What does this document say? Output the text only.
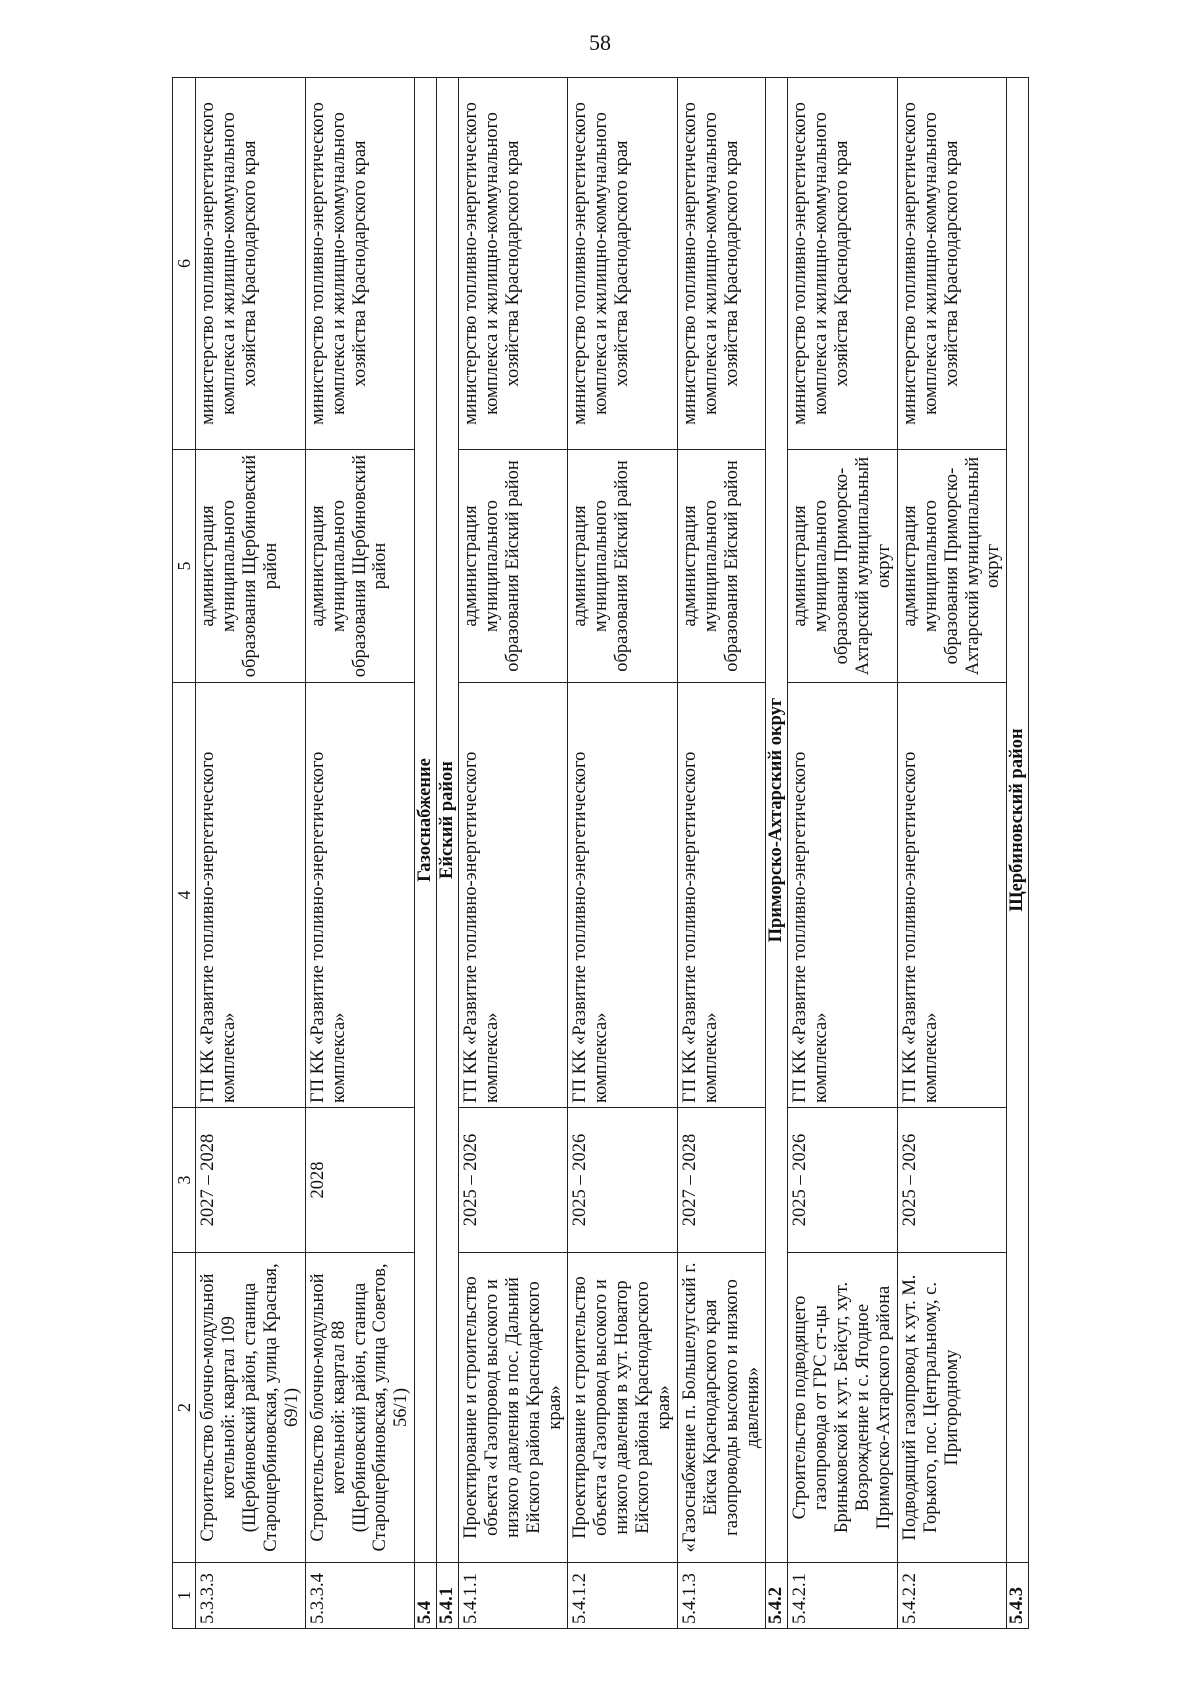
58
1	2	3	4	5	6
5.3.3.3	Строительство блочно-модульной котельной: квартал 109 (Щербиновский район, станица Старощербиновская, улица Красная, 69/1)	2027 – 2028	ГП КК «Развитие топливно-энергетического комплекса»	администрация муниципального образования Щербиновский район	министерство топливно-энергетического комплекса и жилищно-коммунального хозяйства Краснодарского края
5.3.3.4	Строительство блочно-модульной котельной: квартал 88 (Щербиновский район, станица Старощербиновская, улица Советов, 56/1)	2028	ГП КК «Развитие топливно-энергетического комплекса»	администрация муниципального образования Щербиновский район	министерство топливно-энергетического комплекса и жилищно-коммунального хозяйства Краснодарского края
5.4	Газоснабжение				
5.4.1	Ейский район				
5.4.1.1	Проектирование и строительство объекта «Газопровод высокого и низкого давления в пос. Дальний Ейского района Краснодарского края»	2025 – 2026	ГП КК «Развитие топливно-энергетического комплекса»	администрация муниципального образования Ейский район	министерство топливно-энергетического комплекса и жилищно-коммунального хозяйства Краснодарского края
5.4.1.2	Проектирование и строительство объекта «Газопровод высокого и низкого давления в хут. Новатор Ейского района Краснодарского края»	2025 – 2026	ГП КК «Развитие топливно-энергетического комплекса»	администрация муниципального образования Ейский район	министерство топливно-энергетического комплекса и жилищно-коммунального хозяйства Краснодарского края
5.4.1.3	«Газоснабжение п. Большелугский г. Ейска Краснодарского края газопроводы высокого и низкого давления»	2027 – 2028	ГП КК «Развитие топливно-энергетического комплекса»	администрация муниципального образования Ейский район	министерство топливно-энергетического комплекса и жилищно-коммунального хозяйства Краснодарского края
5.4.2	Приморско-Ахтарский округ				
5.4.2.1	Строительство подводящего газопровода от ГРС ст-цы Бриньковской к хут. Бейсуг, хут. Возрождение и с. Ягодное Приморско-Ахтарского района	2025 – 2026	ГП КК «Развитие топливно-энергетического комплекса»	администрация муниципального образования Приморско-Ахтарский муниципальный округ	министерство топливно-энергетического комплекса и жилищно-коммунального хозяйства Краснодарского края
5.4.2.2	Подводящий газопровод к хут. М. Горького, пос. Центральному, с. Пригородному	2025 – 2026	ГП КК «Развитие топливно-энергетического комплекса»	администрация муниципального образования Приморско-Ахтарский муниципальный округ	министерство топливно-энергетического комплекса и жилищно-коммунального хозяйства Краснодарского края
5.4.3	Щербиновский район				
